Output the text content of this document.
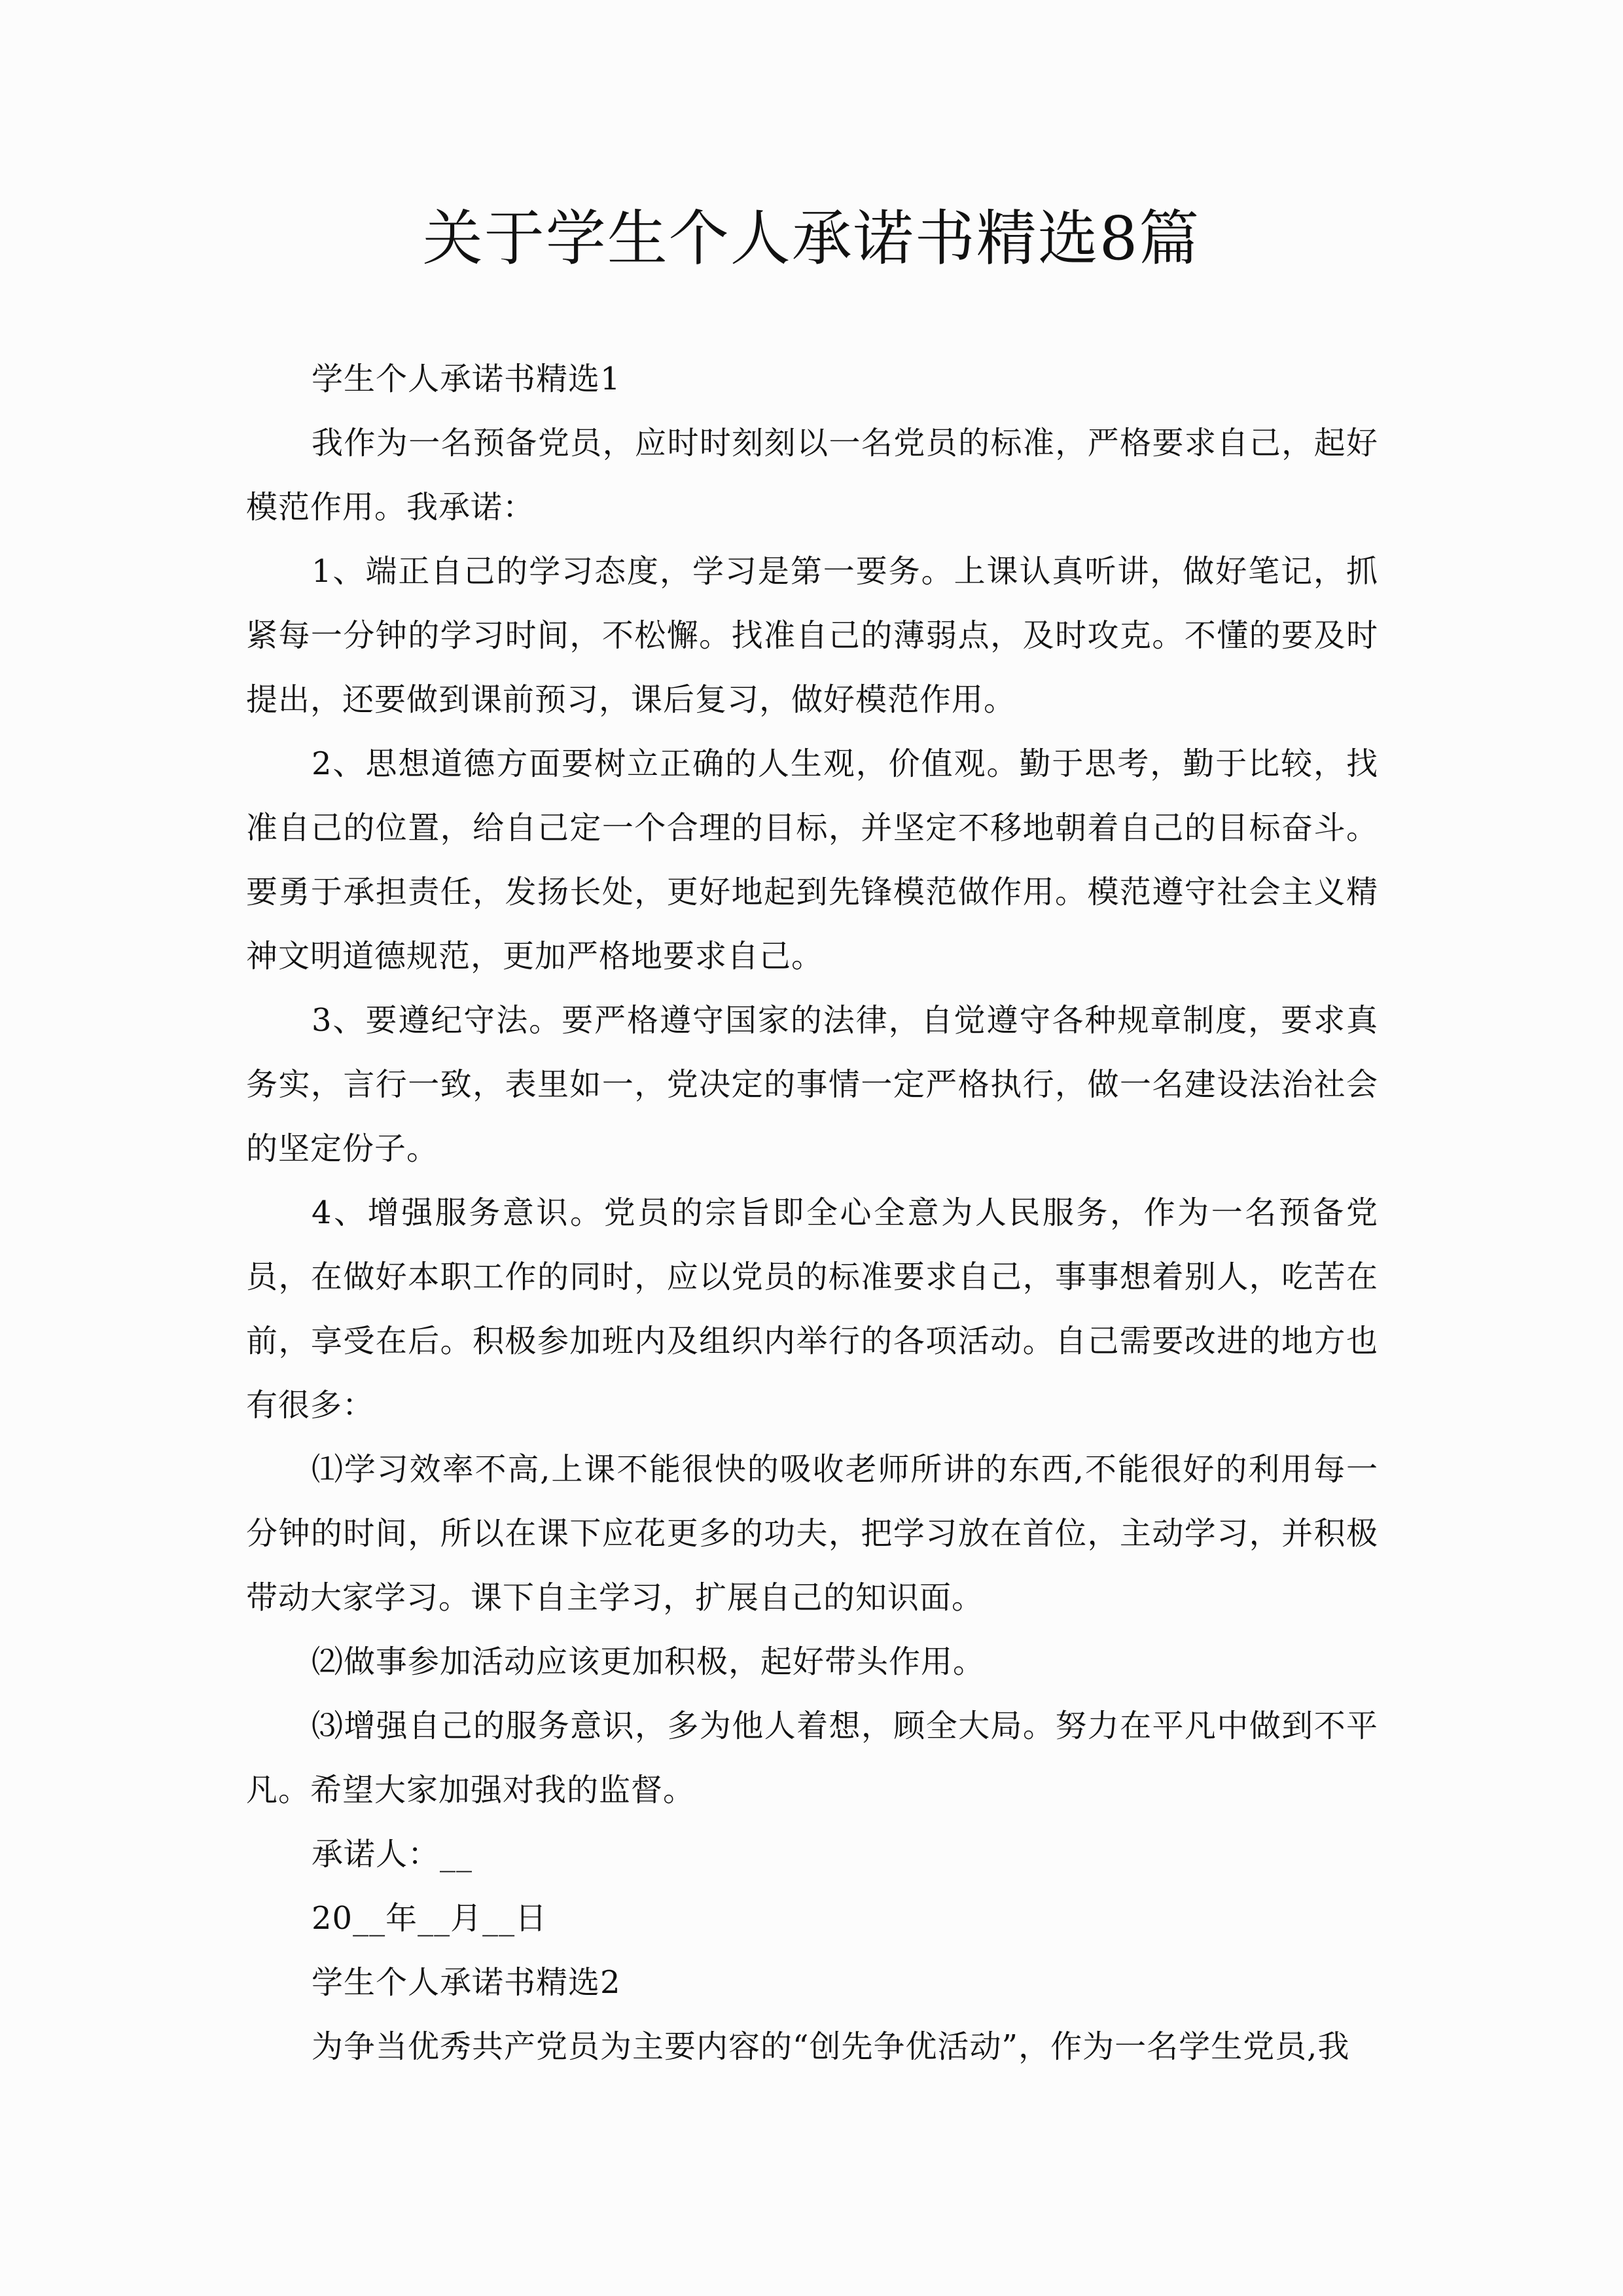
关于学生个人承诺书精选8篇

学生个人承诺书精选1

我作为一名预备党员，应时时刻刻以一名党员的标准，严格要求自己，起好模范作用。我承诺：

1、端正自己的学习态度，学习是第一要务。上课认真听讲，做好笔记，抓紧每一分钟的学习时间，不松懈。找准自己的薄弱点，及时攻克。不懂的要及时提出，还要做到课前预习，课后复习，做好模范作用。

2、思想道德方面要树立正确的人生观，价值观。勤于思考，勤于比较，找准自己的位置，给自己定一个合理的目标，并坚定不移地朝着自己的目标奋斗。要勇于承担责任，发扬长处，更好地起到先锋模范做作用。模范遵守社会主义精神文明道德规范，更加严格地要求自己。

3、要遵纪守法。要严格遵守国家的法律，自觉遵守各种规章制度，要求真务实，言行一致，表里如一，党决定的事情一定严格执行，做一名建设法治社会的坚定份子。

4、增强服务意识。党员的宗旨即全心全意为人民服务，作为一名预备党员，在做好本职工作的同时，应以党员的标准要求自己，事事想着别人，吃苦在前，享受在后。积极参加班内及组织内举行的各项活动。自己需要改进的地方也有很多：

⑴学习效率不高,上课不能很快的吸收老师所讲的东西,不能很好的利用每一分钟的时间，所以在课下应花更多的功夫，把学习放在首位，主动学习，并积极带动大家学习。课下自主学习，扩展自己的知识面。

⑵做事参加活动应该更加积极，起好带头作用。

⑶增强自己的服务意识，多为他人着想，顾全大局。努力在平凡中做到不平凡。希望大家加强对我的监督。

承诺人：__

20__年__月__日

学生个人承诺书精选2

为争当优秀共产党员为主要内容的“创先争优活动”，作为一名学生党员,我
